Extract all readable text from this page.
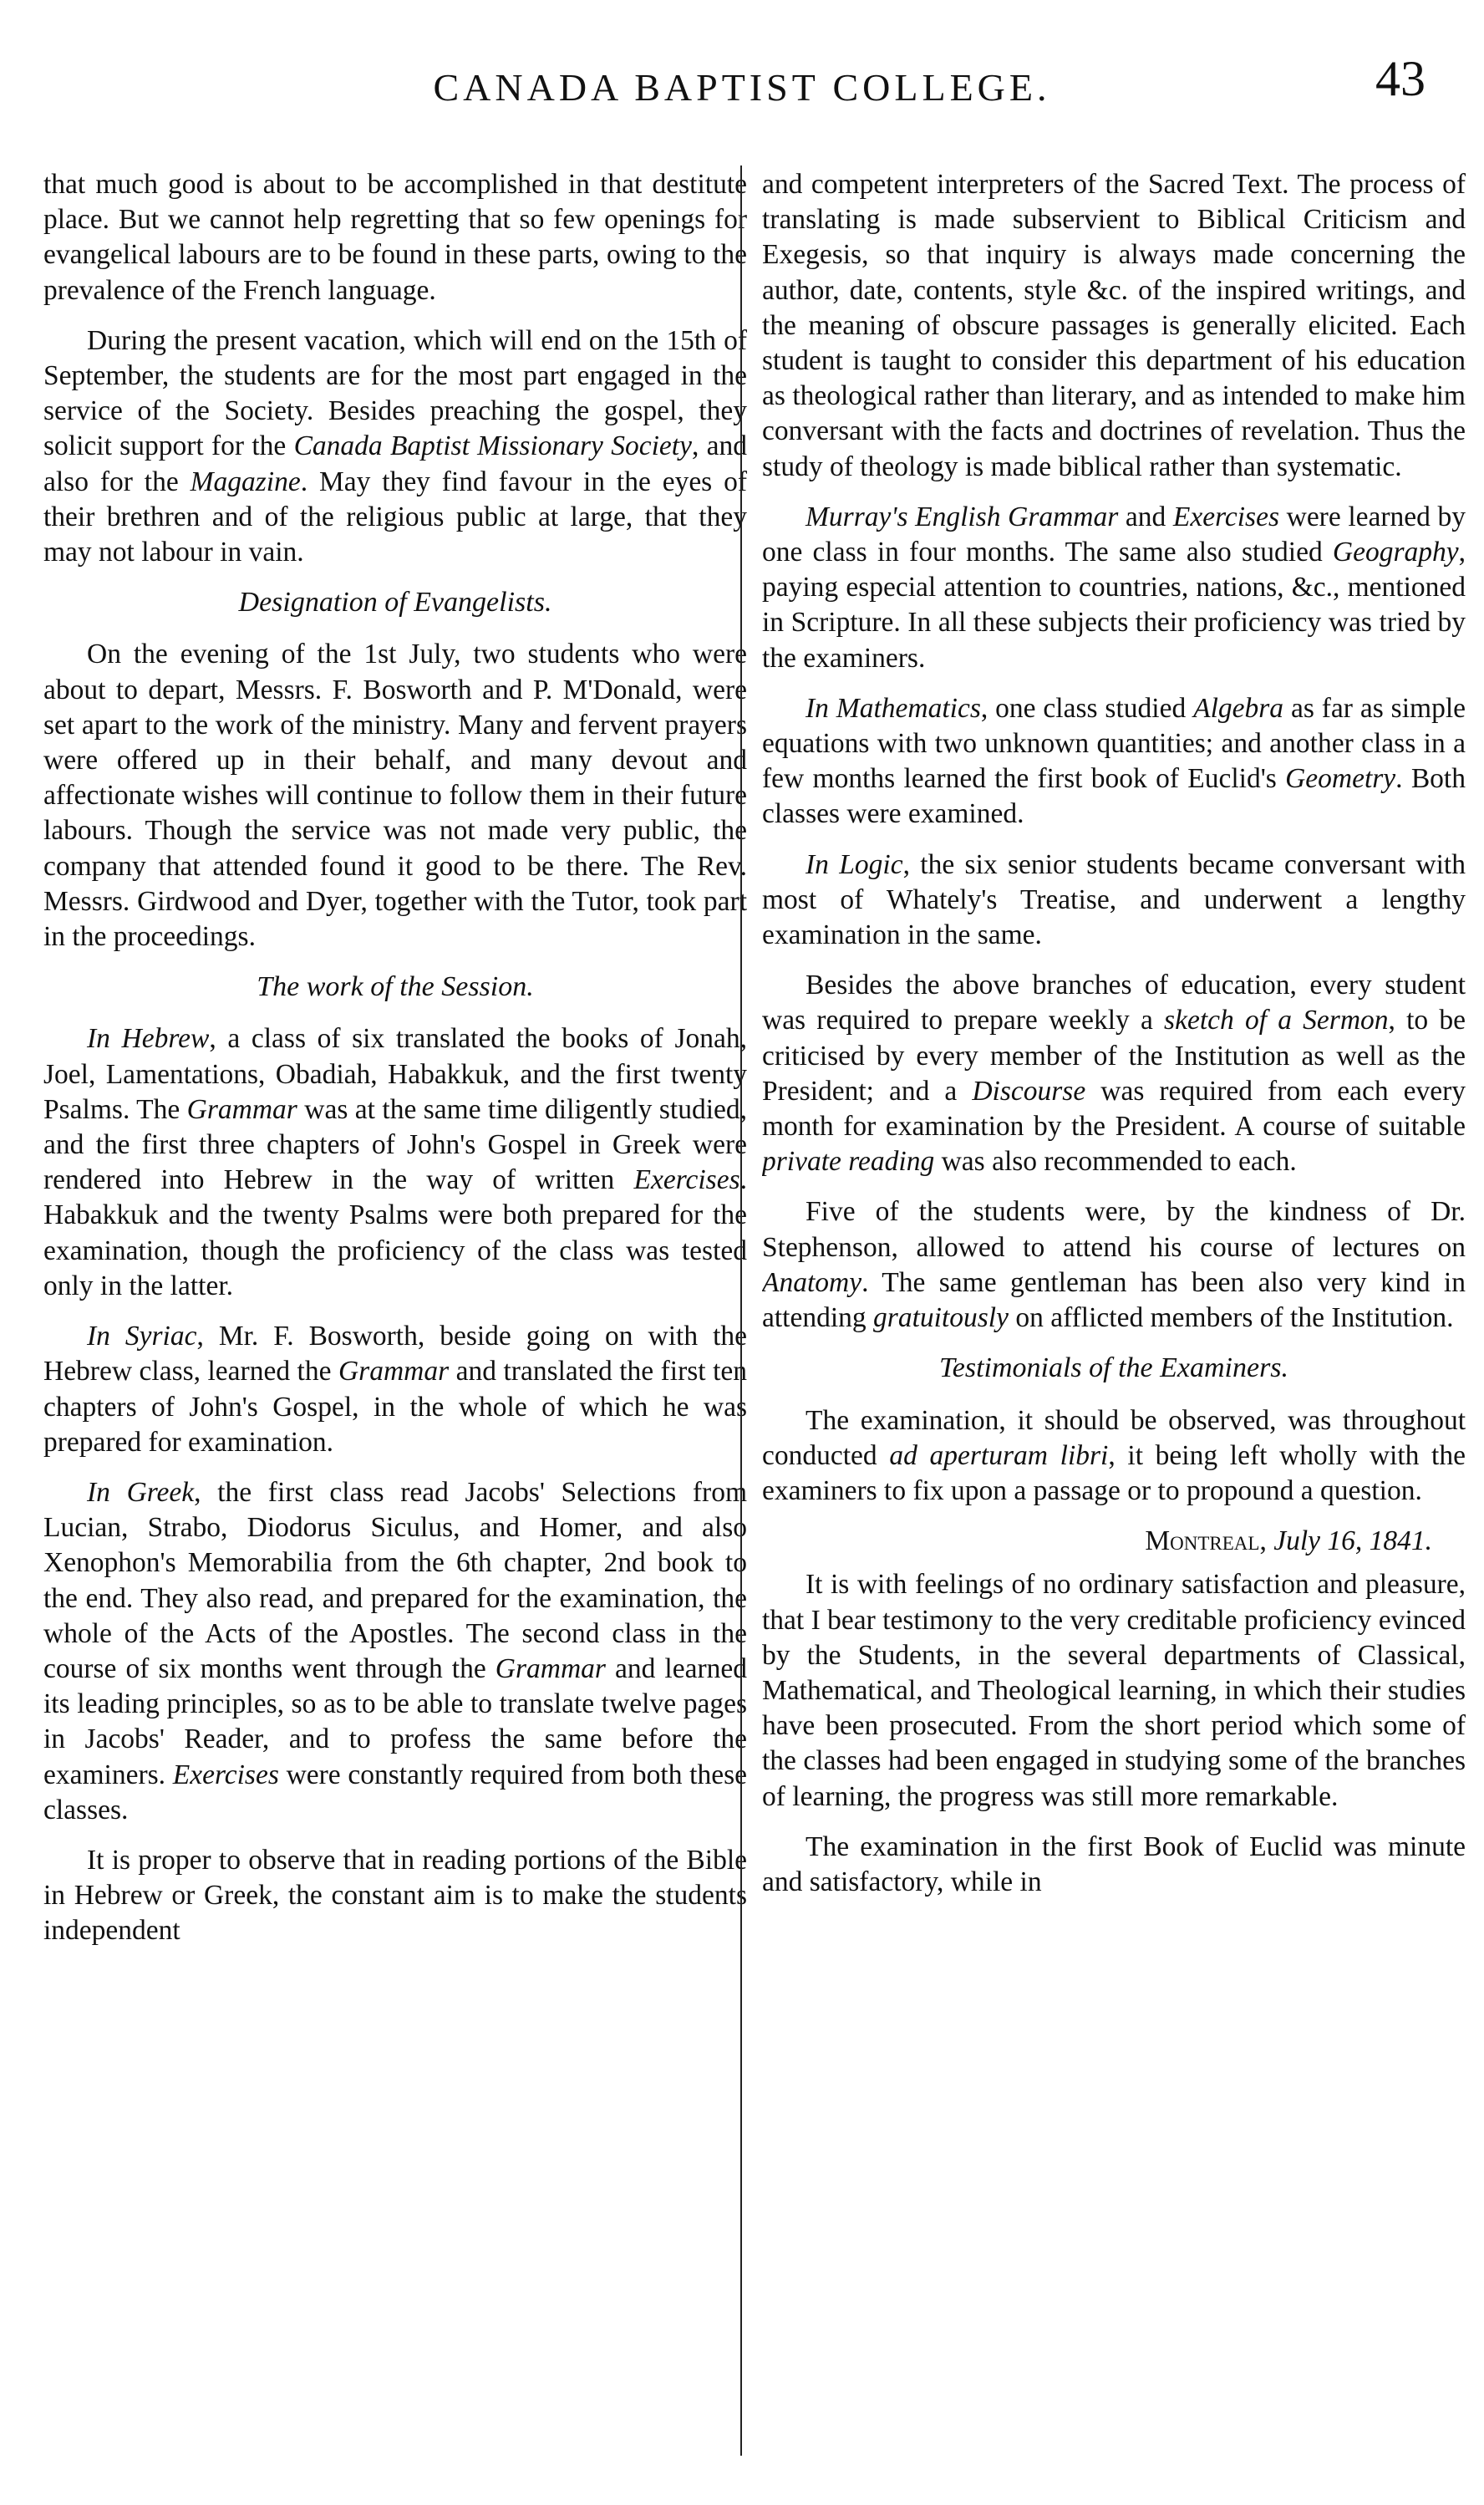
CANADA BAPTIST COLLEGE.	43

that much good is about to be accomplished in that destitute place. But we cannot help regretting that so few openings for evangelical labours are to be found in these parts, owing to the prevalence of the French language.

During the present vacation, which will end on the 15th of September, the students are for the most part engaged in the service of the Society. Besides preaching the gospel, they solicit support for the Canada Baptist Missionary Society, and also for the Magazine. May they find favour in the eyes of their brethren and of the religious public at large, that they may not labour in vain.

Designation of Evangelists.

On the evening of the 1st July, two students who were about to depart, Messrs. F. Bosworth and P. M'Donald, were set apart to the work of the ministry. Many and fervent prayers were offered up in their behalf, and many devout and affectionate wishes will continue to follow them in their future labours. Though the service was not made very public, the company that attended found it good to be there. The Rev. Messrs. Girdwood and Dyer, together with the Tutor, took part in the proceedings.

The work of the Session.

In Hebrew, a class of six translated the books of Jonah, Joel, Lamentations, Obadiah, Habakkuk, and the first twenty Psalms. The Grammar was at the same time diligently studied, and the first three chapters of John's Gospel in Greek were rendered into Hebrew in the way of written Exercises. Habakkuk and the twenty Psalms were both prepared for the examination, though the proficiency of the class was tested only in the latter.

In Syriac, Mr. F. Bosworth, beside going on with the Hebrew class, learned the Grammar and translated the first ten chapters of John's Gospel, in the whole of which he was prepared for examination.

In Greek, the first class read Jacobs' Selections from Lucian, Strabo, Diodorus Siculus, and Homer, and also Xenophon's Memorabilia from the 6th chapter, 2nd book to the end. They also read, and prepared for the examination, the whole of the Acts of the Apostles. The second class in the course of six months went through the Grammar and learned its leading principles, so as to be able to translate twelve pages in Jacobs' Reader, and to profess the same before the examiners. Exercises were constantly required from both these classes.

It is proper to observe that in reading portions of the Bible in Hebrew or Greek, the constant aim is to make the students independent

and competent interpreters of the Sacred Text. The process of translating is made subservient to Biblical Criticism and Exegesis, so that inquiry is always made concerning the author, date, contents, style &c. of the inspired writings, and the meaning of obscure passages is generally elicited. Each student is taught to consider this department of his education as theological rather than literary, and as intended to make him conversant with the facts and doctrines of revelation. Thus the study of theology is made biblical rather than systematic.

Murray's English Grammar and Exercises were learned by one class in four months. The same also studied Geography, paying especial attention to countries, nations, &c., mentioned in Scripture. In all these subjects their proficiency was tried by the examiners.

In Mathematics, one class studied Algebra as far as simple equations with two unknown quantities; and another class in a few months learned the first book of Euclid's Geometry. Both classes were examined.

In Logic, the six senior students became conversant with most of Whately's Treatise, and underwent a lengthy examination in the same.

Besides the above branches of education, every student was required to prepare weekly a sketch of a Sermon, to be criticised by every member of the Institution as well as the President; and a Discourse was required from each every month for examination by the President. A course of suitable private reading was also recommended to each.

Five of the students were, by the kindness of Dr. Stephenson, allowed to attend his course of lectures on Anatomy. The same gentleman has been also very kind in attending gratuitously on afflicted members of the Institution.

Testimonials of the Examiners.

The examination, it should be observed, was throughout conducted ad aperturam libri, it being left wholly with the examiners to fix upon a passage or to propound a question.

Montreal, July 16, 1841.

It is with feelings of no ordinary satisfaction and pleasure, that I bear testimony to the very creditable proficiency evinced by the Students, in the several departments of Classical, Mathematical, and Theological learning, in which their studies have been prosecuted. From the short period which some of the classes had been engaged in studying some of the branches of learning, the progress was still more remarkable.

The examination in the first Book of Euclid was minute and satisfactory, while in
